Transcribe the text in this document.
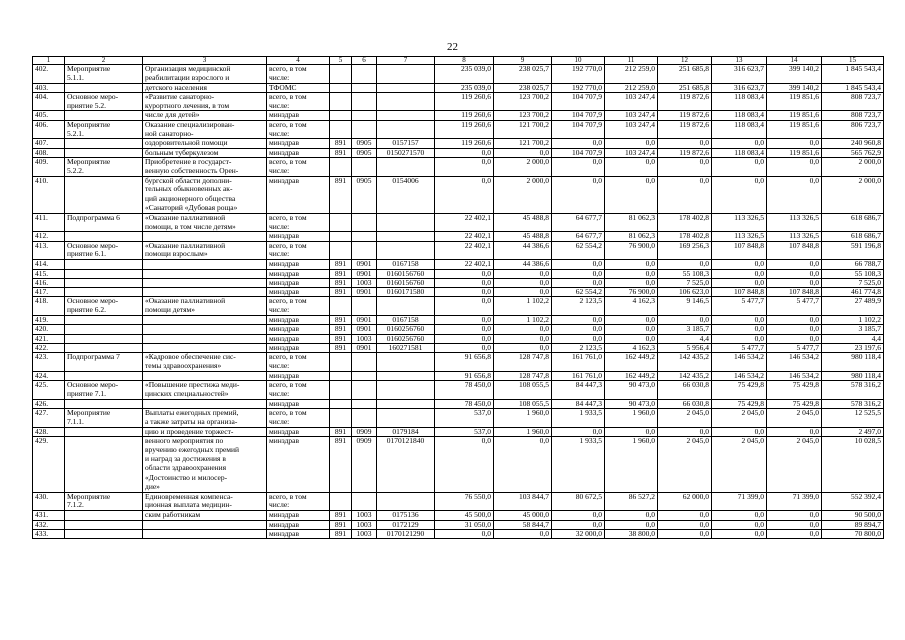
22
1	2	3	4	5	6	7	8	9	10	11	12	13	14	15
402.	Мероприятие	Организация медицинской	всего, в том				235 039,0	238 025,7	192 770,0	212 259,0	251 685,8	316 623,7	399 140,2	1 845 543,4
	5.1.1.	реабилитации взрослого и	числе:											
403.		детского населения	ТФОМС				235 039,0	238 025,7	192 770,0	212 259,0	251 685,8	316 623,7	399 140,2	1 845 543,4
404.	Основное меро-	«Развитие санаторно-	всего, в том				119 260,6	123 700,2	104 707,9	103 247,4	119 872,6	118 083,4	119 851,6	808 723,7
	приятие 5.2.	курортного лечения, в том	числе:											
405.		числе для детей»	минздрав				119 260,6	123 700,2	104 707,9	103 247,4	119 872,6	118 083,4	119 851,6	808 723,7
406.	Мероприятие	Оказание специализирован-	всего, в том				119 260,6	121 700,2	104 707,9	103 247,4	119 872,6	118 083,4	119 851,6	806 723,7
	5.2.1.	ной санаторно-	числе:											
407.		оздоровительной помощи	минздрав	891	0905	0157157	119 260,6	121 700,2	0,0	0,0	0,0	0,0	0,0	240 960,8
408.		больным туберкулезом	минздрав	891	0905	0150271570	0,0	0,0	104 707,9	103 247,4	119 872,6	118 083,4	119 851,6	565 762,9
409.	Мероприятие	Приобретение в государст-	всего, в том				0,0	2 000,0	0,0	0,0	0,0	0,0	0,0	2 000,0
	5.2.2.	венную собственность Орен-	числе:											
410.		бургской области дополни-	минздрав	891	0905	0154006	0,0	2 000,0	0,0	0,0	0,0	0,0	0,0	2 000,0
		тельных обыкновенных ак-												
		ций акционерного общества												
		«Санаторий «Дубовая роща»												
411.	Подпрограмма 6	«Оказание паллиативной	всего, в том				22 402,1	45 488,8	64 677,7	81 062,3	178 402,8	113 326,5	113 326,5	618 686,7
		помощи, в том числе детям»	числе:											
412.			минздрав				22 402,1	45 488,8	64 677,7	81 062,3	178 402,8	113 326,5	113 326,5	618 686,7
413.	Основное меро-	«Оказание паллиативной	всего, в том				22 402,1	44 386,6	62 554,2	76 900,0	169 256,3	107 848,8	107 848,8	591 196,8
	приятие 6.1.	помощи взрослым»	числе:											
414.			минздрав	891	0901	0167158	22 402,1	44 386,6	0,0	0,0	0,0	0,0	0,0	66 788,7
415.			минздрав	891	0901	0160156760	0,0	0,0	0,0	0,0	55 108,3	0,0	0,0	55 108,3
416.			минздрав	891	1003	0160156760	0,0	0,0	0,0	0,0	7 525,0	0,0	0,0	7 525,0
417.			минздрав	891	0901	0160171580	0,0	0,0	62 554,2	76 900,0	106 623,0	107 848,8	107 848,8	461 774,8
418.	Основное меро-	«Оказание паллиативной	всего, в том				0,0	1 102,2	2 123,5	4 162,3	9 146,5	5 477,7	5 477,7	27 489,9
	приятие 6.2.	помощи детям»	числе:											
419.			минздрав	891	0901	0167158	0,0	1 102,2	0,0	0,0	0,0	0,0	0,0	1 102,2
420.			минздрав	891	0901	0160256760	0,0	0,0	0,0	0,0	3 185,7	0,0	0,0	3 185,7
421.			минздрав	891	1003	0160256760	0,0	0,0	0,0	0,0	4,4	0,0	0,0	4,4
422.			минздрав	891	0901	160271581	0,0	0,0	2 123,5	4 162,3	5 956,4	5 477,7	5 477,7	23 197,6
423.	Подпрограмма 7	«Кадровое обеспечение сис-	всего, в том				91 656,8	128 747,8	161 761,0	162 449,2	142 435,2	146 534,2	146 534,2	980 118,4
		темы здравоохранения»	числе:											
424.			минздрав				91 656,8	128 747,8	161 761,0	162 449,2	142 435,2	146 534,2	146 534,2	980 118,4
425.	Основное меро-	«Повышение престижа меди-	всего, в том				78 450,0	108 055,5	84 447,3	90 473,0	66 030,8	75 429,8	75 429,8	578 316,2
	приятие 7.1.	цинских специальностей»	числе:											
426.			минздрав				78 450,0	108 055,5	84 447,3	90 473,0	66 030,8	75 429,8	75 429,8	578 316,2
427.	Мероприятие	Выплаты ежегодных премий,	всего, в том				537,0	1 960,0	1 933,5	1 960,0	2 045,0	2 045,0	2 045,0	12 525,5
	7.1.1.	а также затраты на организа-	числе:											
428.		цию и проведение торжест-	минздрав	891	0909	0179184	537,0	1 960,0	0,0	0,0	0,0	0,0	0,0	2 497,0
429.		венного мероприятия по	минздрав	891	0909	0170121840	0,0	0,0	1 933,5	1 960,0	2 045,0	2 045,0	2 045,0	10 028,5
		вручению ежегодных премий												
		и наград за достижения в												
		области здравоохранения												
		«Достоинство и милосер-												
		дие»												
430.	Мероприятие	Единовременная компенса-	всего, в том				76 550,0	103 844,7	80 672,5	86 527,2	62 000,0	71 399,0	71 399,0	552 392,4
	7.1.2.	ционная выплата медицин-	числе:											
431.		ским работникам	минздрав	891	1003	0175136	45 500,0	45 000,0	0,0	0,0	0,0	0,0	0,0	90 500,0
432.			минздрав	891	1003	0172129	31 050,0	58 844,7	0,0	0,0	0,0	0,0	0,0	89 894,7
433.			минздрав	891	1003	0170121290	0,0	0,0	32 000,0	38 800,0	0,0	0,0	0,0	70 800,0
